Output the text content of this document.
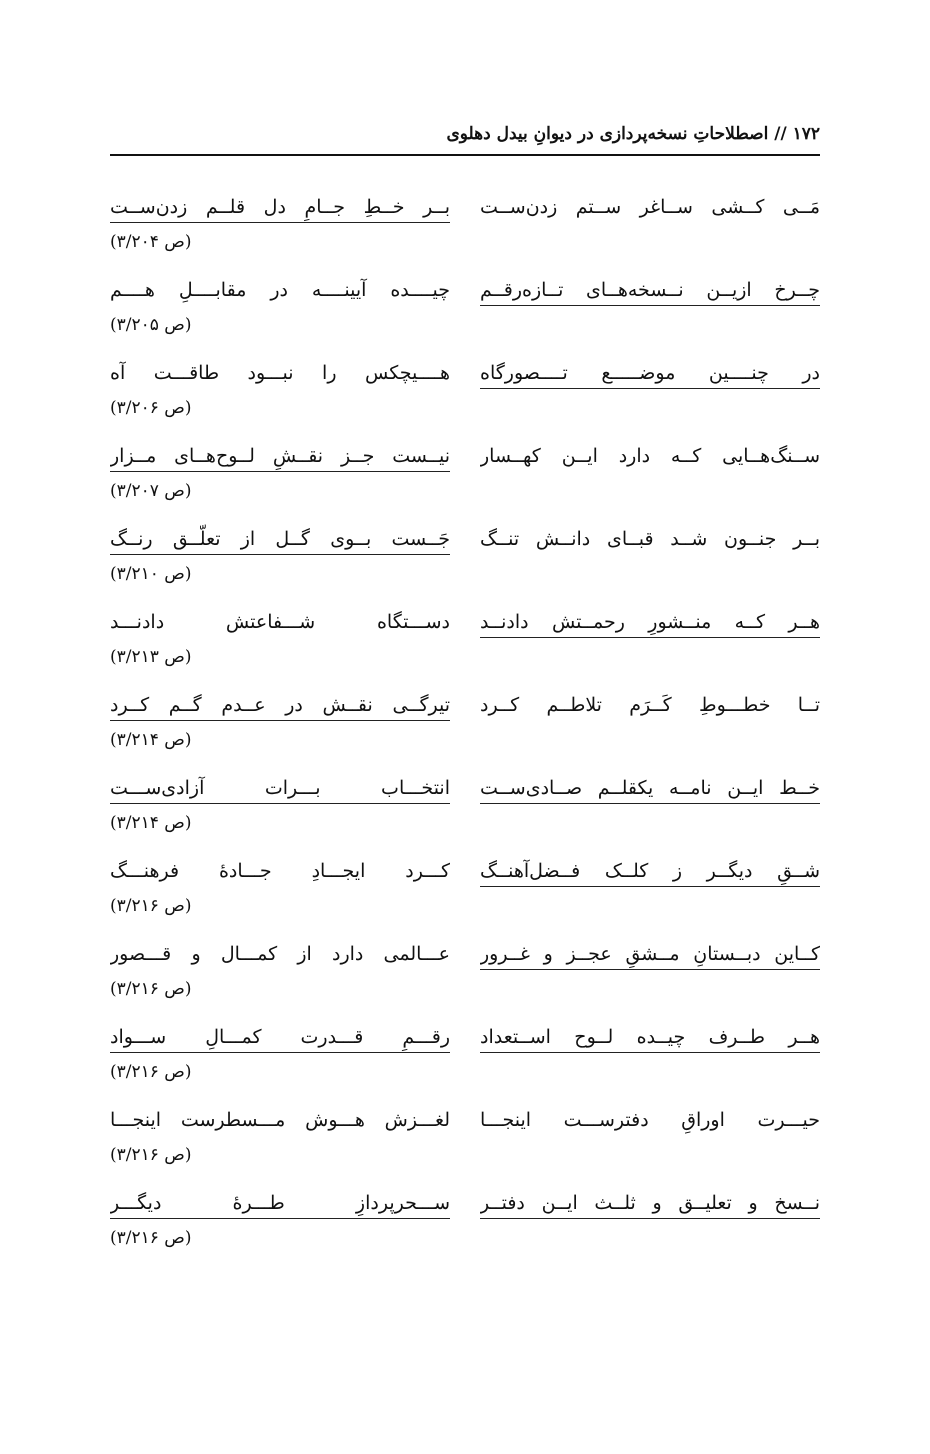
۱۷۲ // اصطلاحاتِ نسخه‌پردازی در دیوانِ بیدل دهلوی
مَــی کــشی ســاغر ســتم زدن‌ســت
بــر خــطِ جــامِ دل قلــم زدن‌ســت
(ص ۳/۲۰۴)
چــرخ ازیــن نــسخه‌هــای تــازه‌رقــم
چیــــده آیینــــه در مقابــــلِ هــــم
(ص ۳/۲۰۵)
در چنــــین موضـــــع تــــصورگاه
هــــیچکس را نبـــود طاقـــت آه
(ص ۳/۲۰۶)
ســنگ‌هــایی کــه دارد ایــن کهــسار
نیــست جــز نقــشِ لــوح‌هــای مــزار
(ص ۳/۲۰۷)
بــر جنــون شــد قبــای دانــش تنــگ
جَــست بــوی گــل از تعلّــق رنــگ
(ص ۳/۲۱۰)
هــر کــه منــشورِ رحمــتش دادنــد
دســـتگاه شـــفاعتش دادنـــد
(ص ۳/۲۱۳)
تــا خطـــوطِ کَــرَم تلاطــم کــرد
تیرگــی نقــش در عــدم گــم کــرد
(ص ۳/۲۱۴)
خــط ایــن نامــه یکقلــم صــادی‌ســت
انتخـــاب بـــرات آزادی‌ســـت
(ص ۳/۲۱۴)
شــقِ دیگــر ز کلــک فــضل‌آهنــگ
کـــرد ایجـــادِ جـــادهٔ فرهنـــگ
(ص ۳/۲۱۶)
کــاین دبــستانِ مــشقِ عجــز و غــرور
عـــالمی دارد از کمـــال و قـــصور
(ص ۳/۲۱۶)
هــر طــرف چیــده لــوح اســتعداد
رقـــمِ قـــدرت کمـــالِ ســـواد
(ص ۳/۲۱۶)
حیـــرت اوراقِ دفترســـت اینجـــا
لغـــزش هـــوش مـــسطرست اینجـــا
(ص ۳/۲۱۶)
نــسخ و تعلیــق و ثلــث ایــن دفتــر
ســـحرپردازِ طـــرهٔ دیگـــر
(ص ۳/۲۱۶)
